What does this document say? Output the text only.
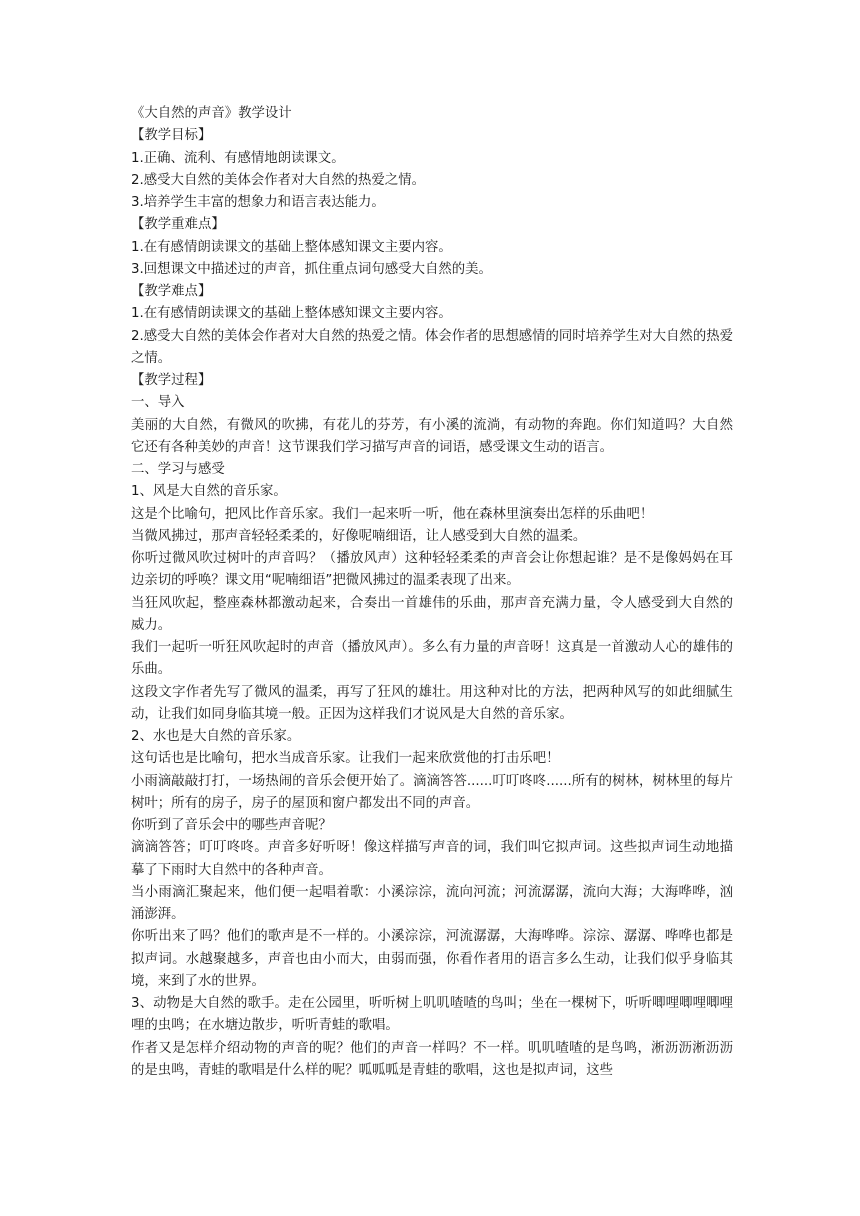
《大自然的声音》教学设计
【教学目标】
1.正确、流利、有感情地朗读课文。
2.感受大自然的美体会作者对大自然的热爱之情。
3.培养学生丰富的想象力和语言表达能力。
【教学重难点】
1.在有感情朗读课文的基础上整体感知课文主要内容。
3.回想课文中描述过的声音，抓住重点词句感受大自然的美。
【教学难点】
1.在有感情朗读课文的基础上整体感知课文主要内容。
2.感受大自然的美体会作者对大自然的热爱之情。体会作者的思想感情的同时培养学生对大自然的热爱之情。
【教学过程】
一、导入
美丽的大自然，有微风的吹拂，有花儿的芬芳，有小溪的流淌，有动物的奔跑。你们知道吗？大自然它还有各种美妙的声音！这节课我们学习描写声音的词语，感受课文生动的语言。
二、学习与感受
1、风是大自然的音乐家。
这是个比喻句，把风比作音乐家。我们一起来听一听，他在森林里演奏出怎样的乐曲吧！
当微风拂过，那声音轻轻柔柔的，好像呢喃细语，让人感受到大自然的温柔。
你听过微风吹过树叶的声音吗？（播放风声）这种轻轻柔柔的声音会让你想起谁？是不是像妈妈在耳边亲切的呼唤？课文用“呢喃细语”把微风拂过的温柔表现了出来。
当狂风吹起，整座森林都激动起来，合奏出一首雄伟的乐曲，那声音充满力量，令人感受到大自然的威力。
我们一起听一听狂风吹起时的声音（播放风声）。多么有力量的声音呀！这真是一首激动人心的雄伟的乐曲。
这段文字作者先写了微风的温柔，再写了狂风的雄壮。用这种对比的方法，把两种风写的如此细腻生动，让我们如同身临其境一般。正因为这样我们才说风是大自然的音乐家。
2、水也是大自然的音乐家。
这句话也是比喻句，把水当成音乐家。让我们一起来欣赏他的打击乐吧！
小雨滴敲敲打打，一场热闹的音乐会便开始了。滴滴答答......叮叮咚咚......所有的树林，树林里的每片树叶；所有的房子，房子的屋顶和窗户都发出不同的声音。
你听到了音乐会中的哪些声音呢？
滴滴答答；叮叮咚咚。声音多好听呀！像这样描写声音的词，我们叫它拟声词。这些拟声词生动地描摹了下雨时大自然中的各种声音。
当小雨滴汇聚起来，他们便一起唱着歌：小溪淙淙，流向河流；河流潺潺，流向大海；大海哗哗，汹涌澎湃。
你听出来了吗？他们的歌声是不一样的。小溪淙淙，河流潺潺，大海哗哗。淙淙、潺潺、哗哗也都是拟声词。水越聚越多，声音也由小而大，由弱而强，你看作者用的语言多么生动，让我们似乎身临其境，来到了水的世界。
3、动物是大自然的歌手。走在公园里，听听树上叽叽喳喳的鸟叫；坐在一棵树下，听听唧哩唧哩唧哩哩的虫鸣；在水塘边散步，听听青蛙的歌唱。
作者又是怎样介绍动物的声音的呢？他们的声音一样吗？不一样。叽叽喳喳的是鸟鸣，淅沥沥淅沥沥的是虫鸣，青蛙的歌唱是什么样的呢？呱呱呱是青蛙的歌唱，这也是拟声词，这些
